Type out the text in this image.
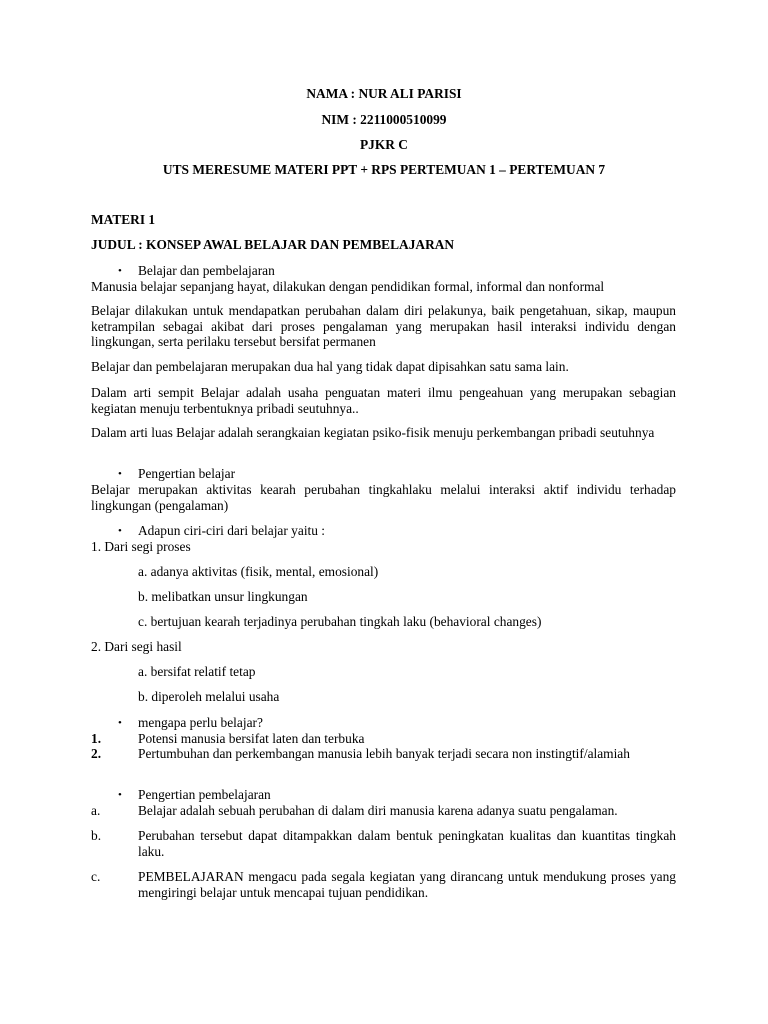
NAMA : NUR ALI PARISI

NIM : 2211000510099

PJKR C

UTS MERESUME MATERI PPT + RPS PERTEMUAN 1 – PERTEMUAN 7

MATERI 1

JUDUL : KONSEP AWAL BELAJAR DAN PEMBELAJARAN

• Belajar dan pembelajaran

Manusia belajar sepanjang hayat, dilakukan dengan pendidikan formal, informal dan nonformal

Belajar dilakukan untuk mendapatkan perubahan dalam diri pelakunya, baik pengetahuan, sikap, maupun ketrampilan sebagai akibat dari proses pengalaman yang merupakan hasil interaksi individu dengan lingkungan, serta perilaku tersebut bersifat permanen

Belajar dan pembelajaran merupakan dua hal yang tidak dapat dipisahkan satu sama lain.

Dalam arti sempit Belajar adalah usaha penguatan materi ilmu pengeahuan yang merupakan sebagian kegiatan menuju terbentuknya pribadi seutuhnya..

Dalam arti luas Belajar adalah serangkaian kegiatan psiko-fisik menuju perkembangan pribadi seutuhnya

• Pengertian belajar

Belajar merupakan aktivitas kearah perubahan tingkahlaku melalui interaksi aktif individu terhadap lingkungan (pengalaman)

• Adapun ciri-ciri dari belajar yaitu :

1. Dari segi proses

a. adanya aktivitas (fisik, mental, emosional)

b. melibatkan unsur lingkungan

c. bertujuan kearah terjadinya perubahan tingkah laku (behavioral changes)

2. Dari segi hasil

a. bersifat relatif tetap

b. diperoleh melalui usaha

• mengapa perlu belajar?

1.	Potensi manusia bersifat laten dan terbuka

2.	Pertumbuhan dan perkembangan manusia lebih banyak terjadi secara non instingtif/alamiah

• Pengertian pembelajaran

a.	Belajar adalah sebuah perubahan di dalam diri manusia karena adanya suatu pengalaman.

b.	Perubahan tersebut dapat ditampakkan dalam bentuk peningkatan kualitas dan kuantitas tingkah laku.

c.	PEMBELAJARAN mengacu pada segala kegiatan yang dirancang untuk mendukung proses yang mengiringi belajar untuk mencapai tujuan pendidikan.
